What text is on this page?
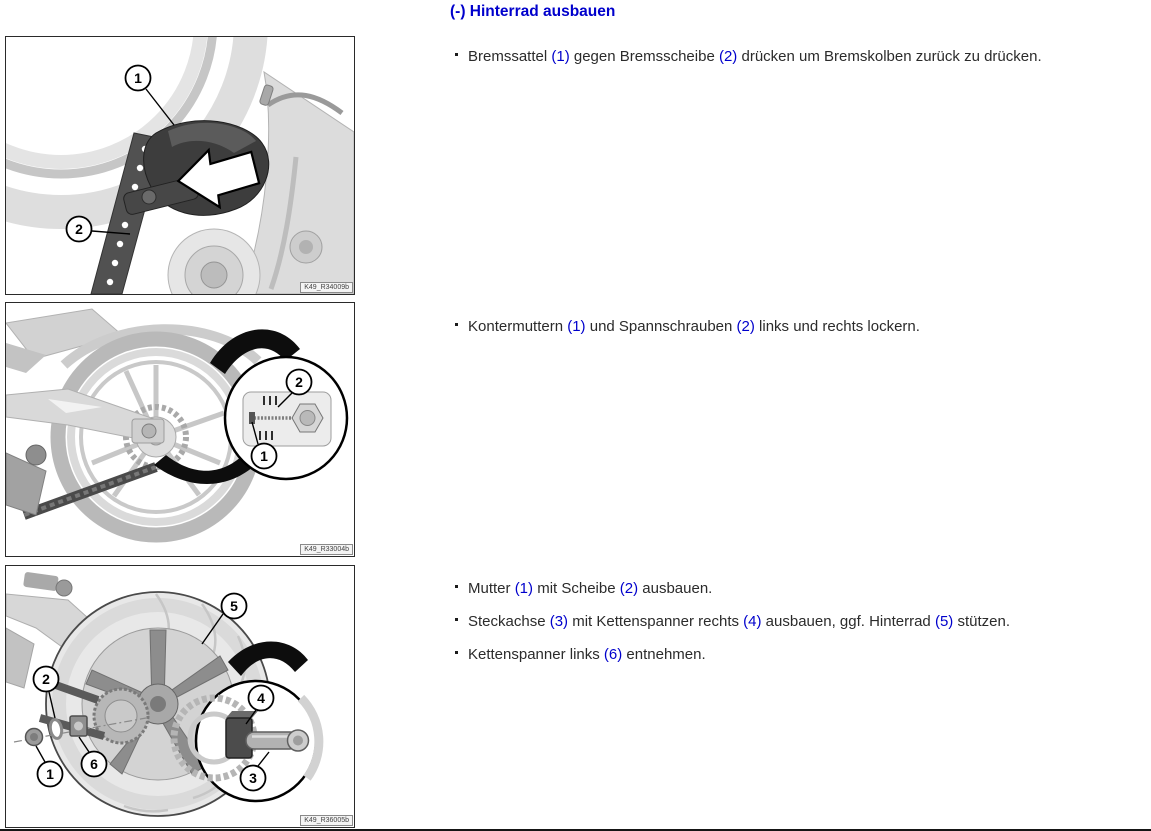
1
2
K49_R34009b
2
1
K49_R33004b
5
2
1
6
4
3
K49_R36005b
(-) Hinterrad ausbauen
Bremssattel (1) gegen Bremsscheibe (2) drücken um Bremskolben zurück zu drücken.
Kontermuttern (1) und Spannschrauben (2) links und rechts lockern.
Mutter (1) mit Scheibe (2) ausbauen.
Steckachse (3) mit Kettenspanner rechts (4) ausbauen, ggf. Hinterrad (5) stützen.
Kettenspanner links (6) entnehmen.
